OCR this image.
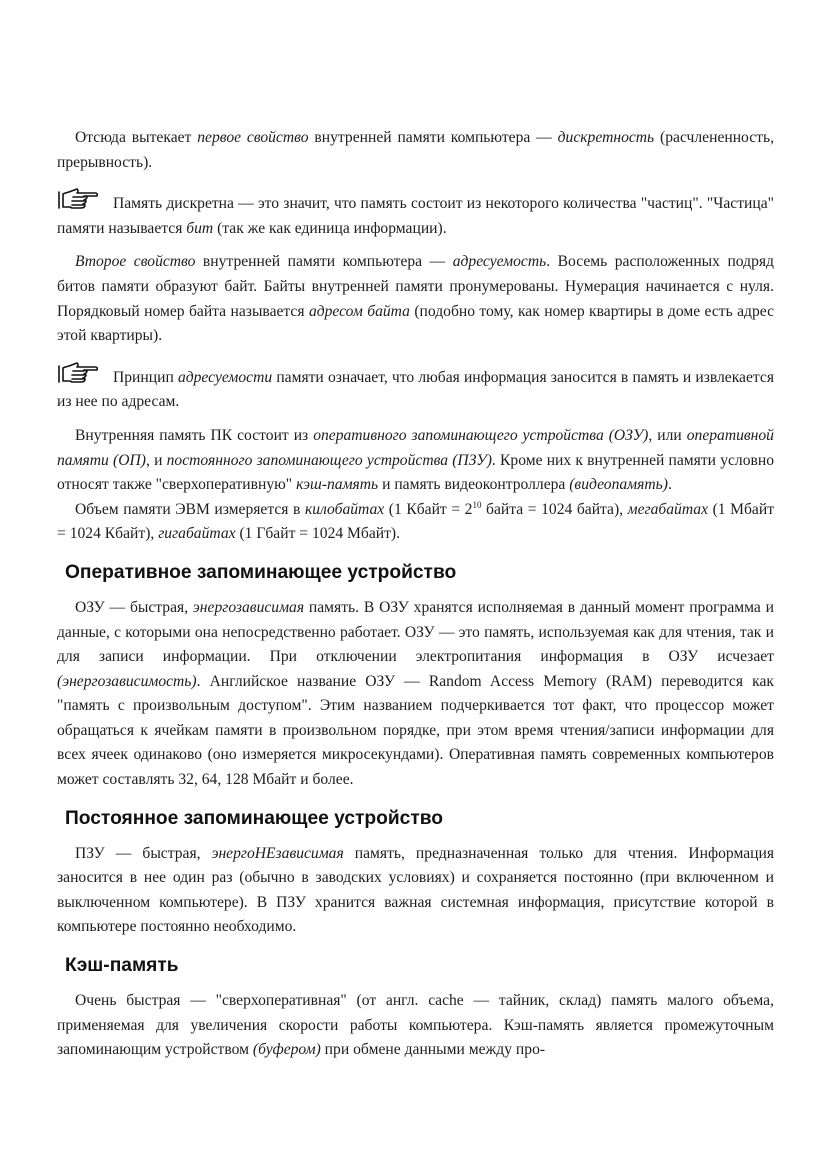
Отсюда вытекает первое свойство внутренней памяти компьютера — дискретность (расчлененность, прерывность).

Память дискретна — это значит, что память состоит из некоторого количества "частиц". "Частица" памяти называется бит (так же как единица информации).

Второе свойство внутренней памяти компьютера — адресуемость. Восемь расположенных подряд битов памяти образуют байт. Байты внутренней памяти пронумерованы. Нумерация начинается с нуля. Порядковый номер байта называется адресом байта (подобно тому, как номер квартиры в доме есть адрес этой квартиры).

Принцип адресуемости памяти означает, что любая информация заносится в память и извлекается из нее по адресам.

Внутренняя память ПК состоит из оперативного запоминающего устройства (ОЗУ), или оперативной памяти (ОП), и постоянного запоминающего устройства (ПЗУ). Кроме них к внутренней памяти условно относят также "сверхоперативную" кэш-память и память видеоконтроллера (видеопамять).

Объем памяти ЭВМ измеряется в килобайтах (1 Кбайт = $2^{10}$ байта = 1024 байта), мегабайтах (1 Мбайт = 1024 Кбайт), гигабайтах (1 Гбайт = 1024 Мбайт).

Оперативное запоминающее устройство

ОЗУ — быстрая, энергозависимая память. В ОЗУ хранятся исполняемая в данный момент программа и данные, с которыми она непосредственно работает. ОЗУ — это память, используемая как для чтения, так и для записи информации. При отключении электропитания информация в ОЗУ исчезает (энергозависимость). Английское название ОЗУ — Random Access Memory (RAM) переводится как "память с произвольным доступом". Этим названием подчеркивается тот факт, что процессор может обращаться к ячейкам памяти в произвольном порядке, при этом время чтения/записи информации для всех ячеек одинаково (оно измеряется микросекундами). Оперативная память современных компьютеров может составлять 32, 64, 128 Мбайт и более.

Постоянное запоминающее устройство

ПЗУ — быстрая, энергоНЕзависимая память, предназначенная только для чтения. Информация заносится в нее один раз (обычно в заводских условиях) и сохраняется постоянно (при включенном и выключенном компьютере). В ПЗУ хранится важная системная информация, присутствие которой в компьютере постоянно необходимо.

Кэш-память

Очень быстрая — "сверхоперативная" (от англ. cache — тайник, склад) память малого объема, применяемая для увеличения скорости работы компьютера. Кэш-память является промежуточным запоминающим устройством (буфером) при обмене данными между про-
